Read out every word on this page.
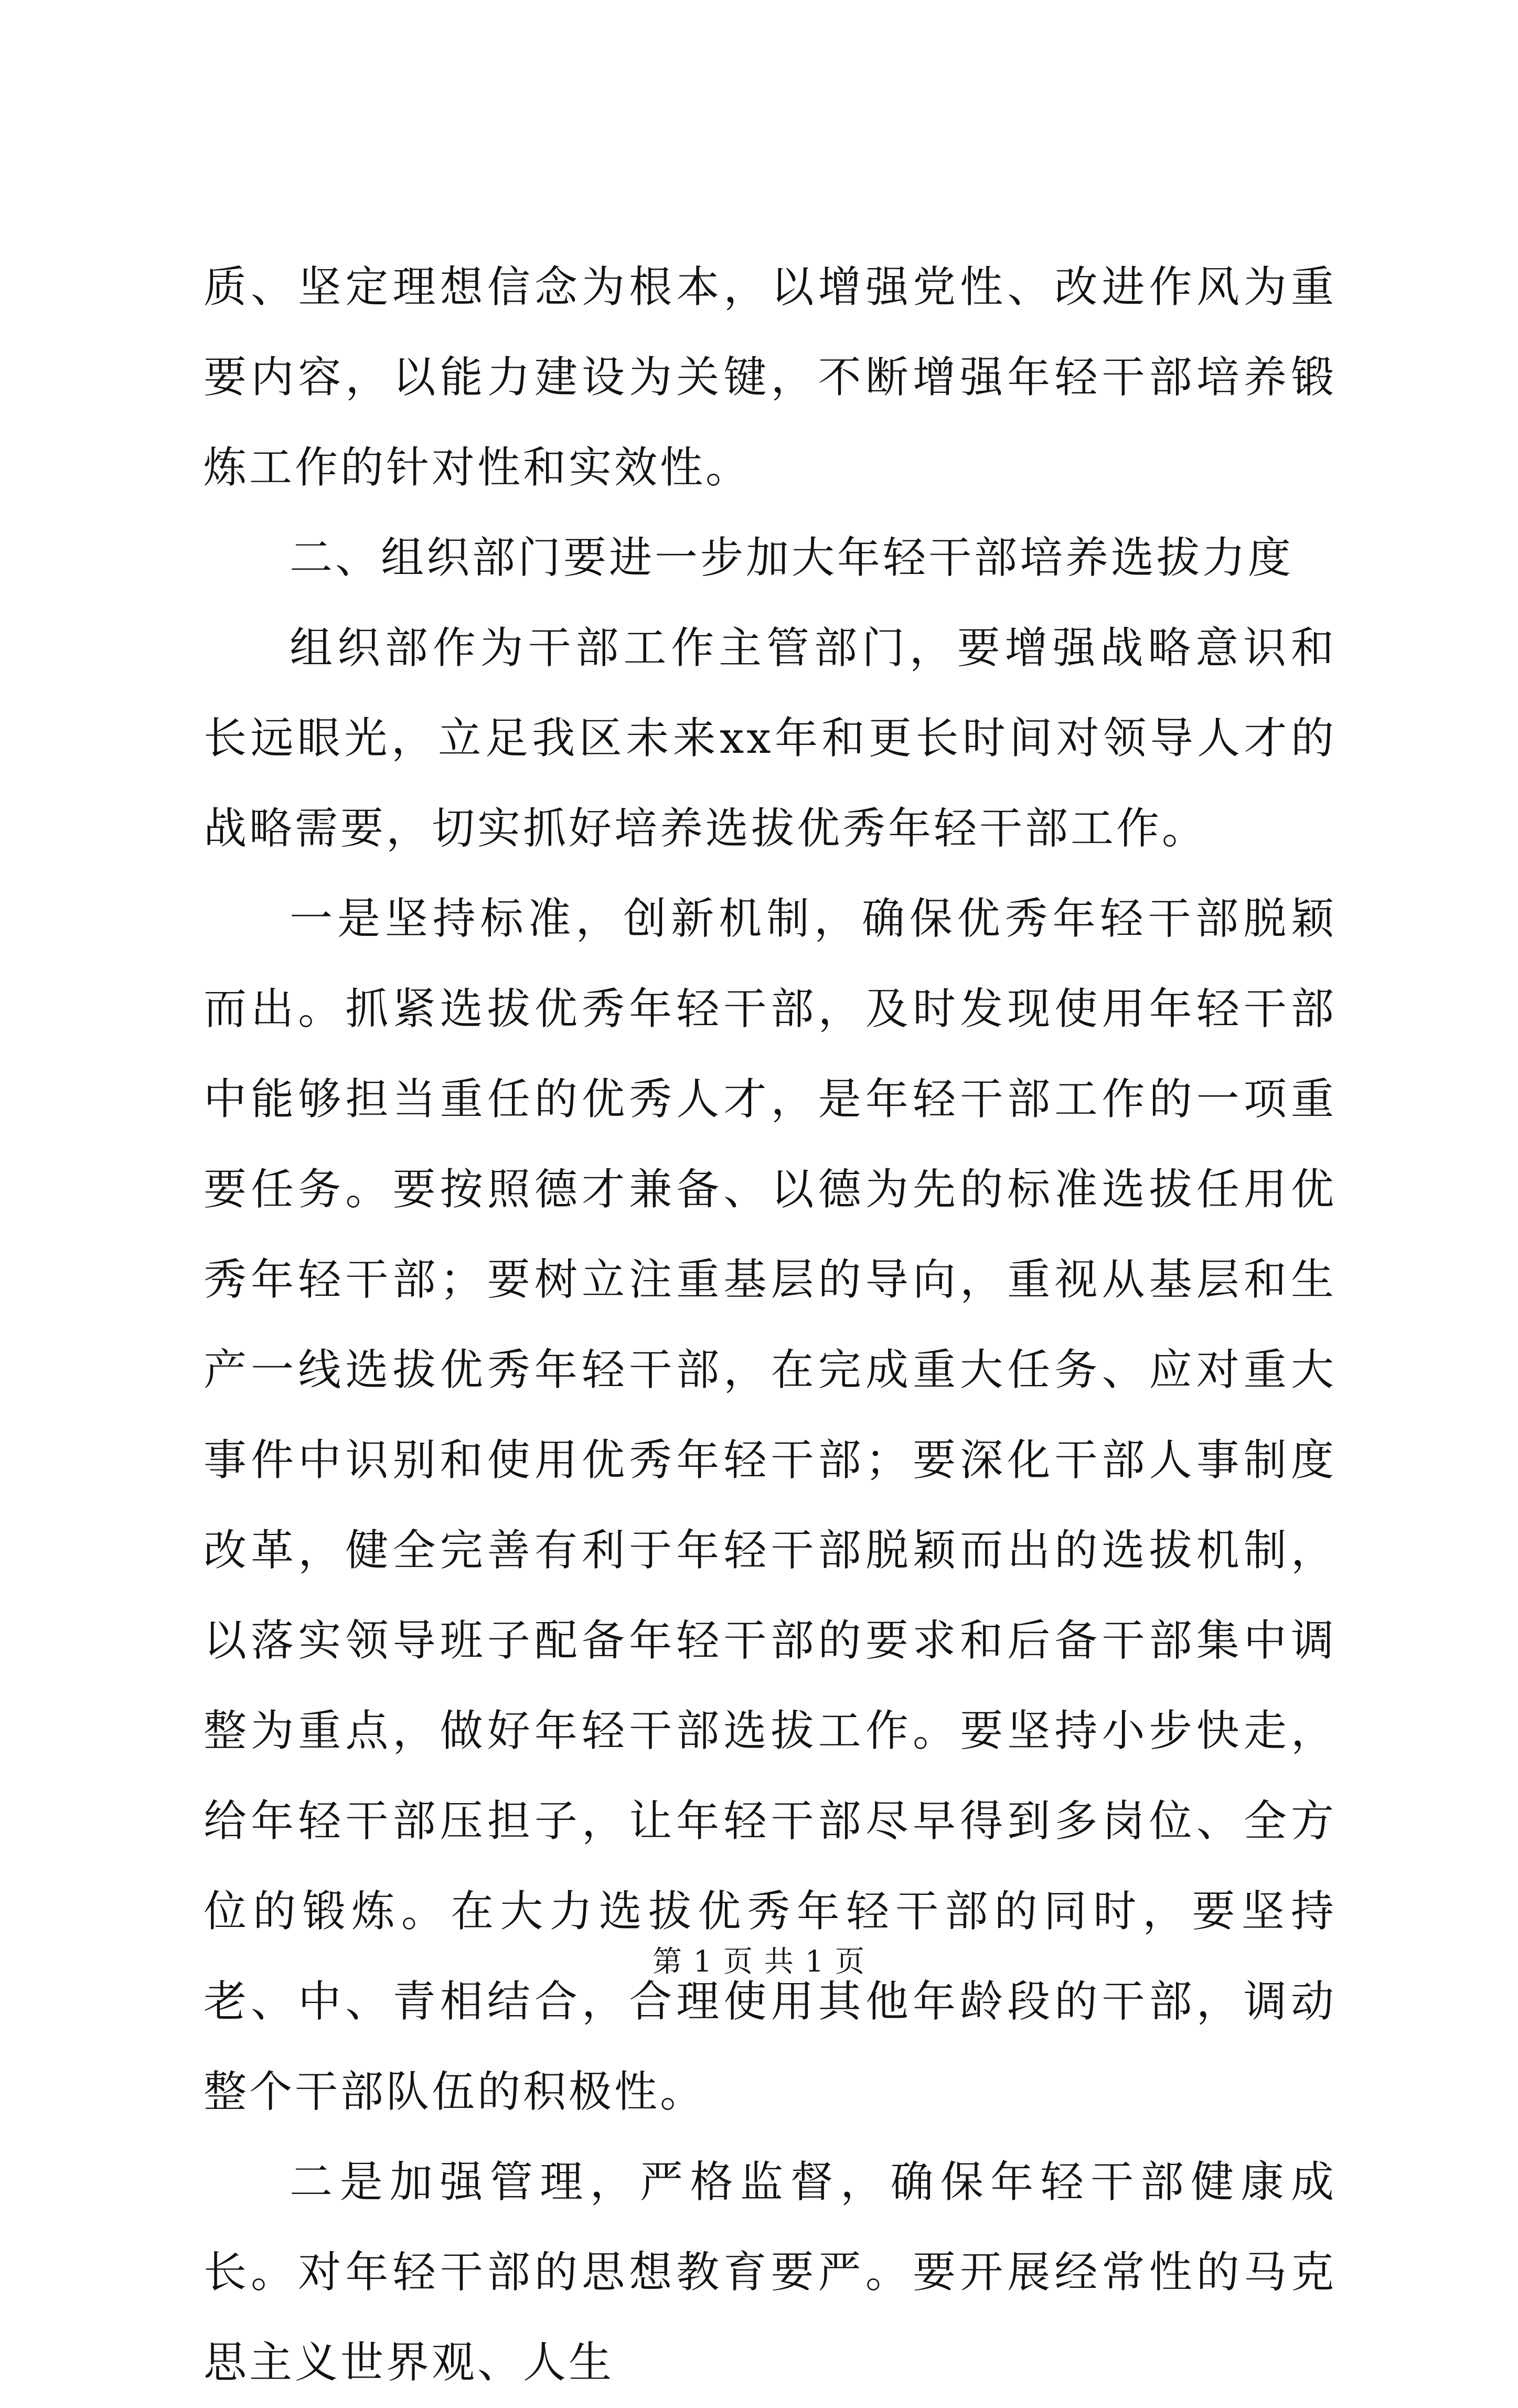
质、坚定理想信念为根本，以增强党性、改进作风为重要内容，以能力建设为关键，不断增强年轻干部培养锻炼工作的针对性和实效性。

二、组织部门要进一步加大年轻干部培养选拔力度

组织部作为干部工作主管部门，要增强战略意识和长远眼光，立足我区未来xx年和更长时间对领导人才的战略需要，切实抓好培养选拔优秀年轻干部工作。

一是坚持标准，创新机制，确保优秀年轻干部脱颖而出。抓紧选拔优秀年轻干部，及时发现使用年轻干部中能够担当重任的优秀人才，是年轻干部工作的一项重要任务。要按照德才兼备、以德为先的标准选拔任用优秀年轻干部；要树立注重基层的导向，重视从基层和生产一线选拔优秀年轻干部，在完成重大任务、应对重大事件中识别和使用优秀年轻干部；要深化干部人事制度改革，健全完善有利于年轻干部脱颖而出的选拔机制，以落实领导班子配备年轻干部的要求和后备干部集中调整为重点，做好年轻干部选拔工作。要坚持小步快走，给年轻干部压担子，让年轻干部尽早得到多岗位、全方位的锻炼。在大力选拔优秀年轻干部的同时，要坚持老、中、青相结合，合理使用其他年龄段的干部，调动整个干部队伍的积极性。

二是加强管理，严格监督，确保年轻干部健康成长。对年轻干部的思想教育要严。要开展经常性的马克思主义世界观、人生

第 1 页 共 1 页
